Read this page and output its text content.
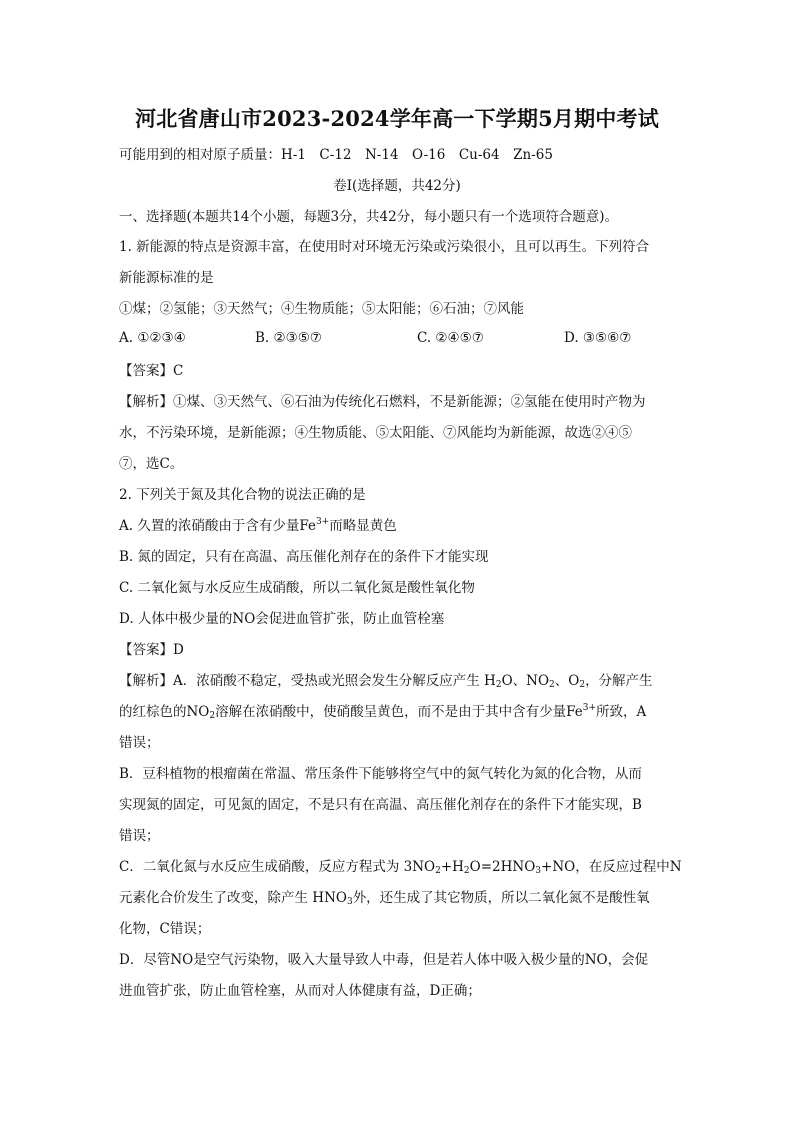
河北省唐山市2023-2024学年高一下学期5月期中考试
可能用到的相对原子质量：H-1　C-12　N-14　O-16　Cu-64　Zn-65
卷Ⅰ(选择题，共42分)
一、选择题(本题共14个小题，每题3分，共42分，每小题只有一个选项符合题意)。
1. 新能源的特点是资源丰富，在使用时对环境无污染或污染很小，且可以再生。下列符合
新能源标准的是
①煤；②氢能；③天然气；④生物质能；⑤太阳能；⑥石油；⑦风能
A. ①②③④	B. ②③⑤⑦	C. ②④⑤⑦	D. ③⑤⑥⑦
【答案】C
【解析】①煤、③天然气、⑥石油为传统化石燃料，不是新能源；②氢能在使用时产物为
水，不污染环境，是新能源；④生物质能、⑤太阳能、⑦风能均为新能源，故选②④⑤
⑦，选C。
2. 下列关于氮及其化合物的说法正确的是
A. 久置的浓硝酸由于含有少量$Fe^{3+}$而略显黄色
B. 氮的固定，只有在高温、高压催化剂存在的条件下才能实现
C. 二氧化氮与水反应生成硝酸，所以二氧化氮是酸性氧化物
D. 人体中极少量的NO会促进血管扩张，防止血管栓塞
【答案】D
【解析】A．浓硝酸不稳定，受热或光照会发生分解反应产生 $H_2O$、$NO_2$、$O_2$，分解产生
的红棕色的$NO_2$溶解在浓硝酸中，使硝酸呈黄色，而不是由于其中含有少量$Fe^{3+}$所致，A
错误；
B．豆科植物的根瘤菌在常温、常压条件下能够将空气中的氮气转化为氮的化合物，从而
实现氮的固定，可见氮的固定，不是只有在高温、高压催化剂存在的条件下才能实现，B
错误；
C．二氧化氮与水反应生成硝酸，反应方程式为 $3NO_2+H_2O=2HNO_3+NO$，在反应过程中N
元素化合价发生了改变，除产生 $HNO_3$外，还生成了其它物质，所以二氧化氮不是酸性氧
化物，C错误；
D．尽管NO是空气污染物，吸入大量导致人中毒，但是若人体中吸入极少量的NO，会促
进血管扩张，防止血管栓塞，从而对人体健康有益，D正确；
